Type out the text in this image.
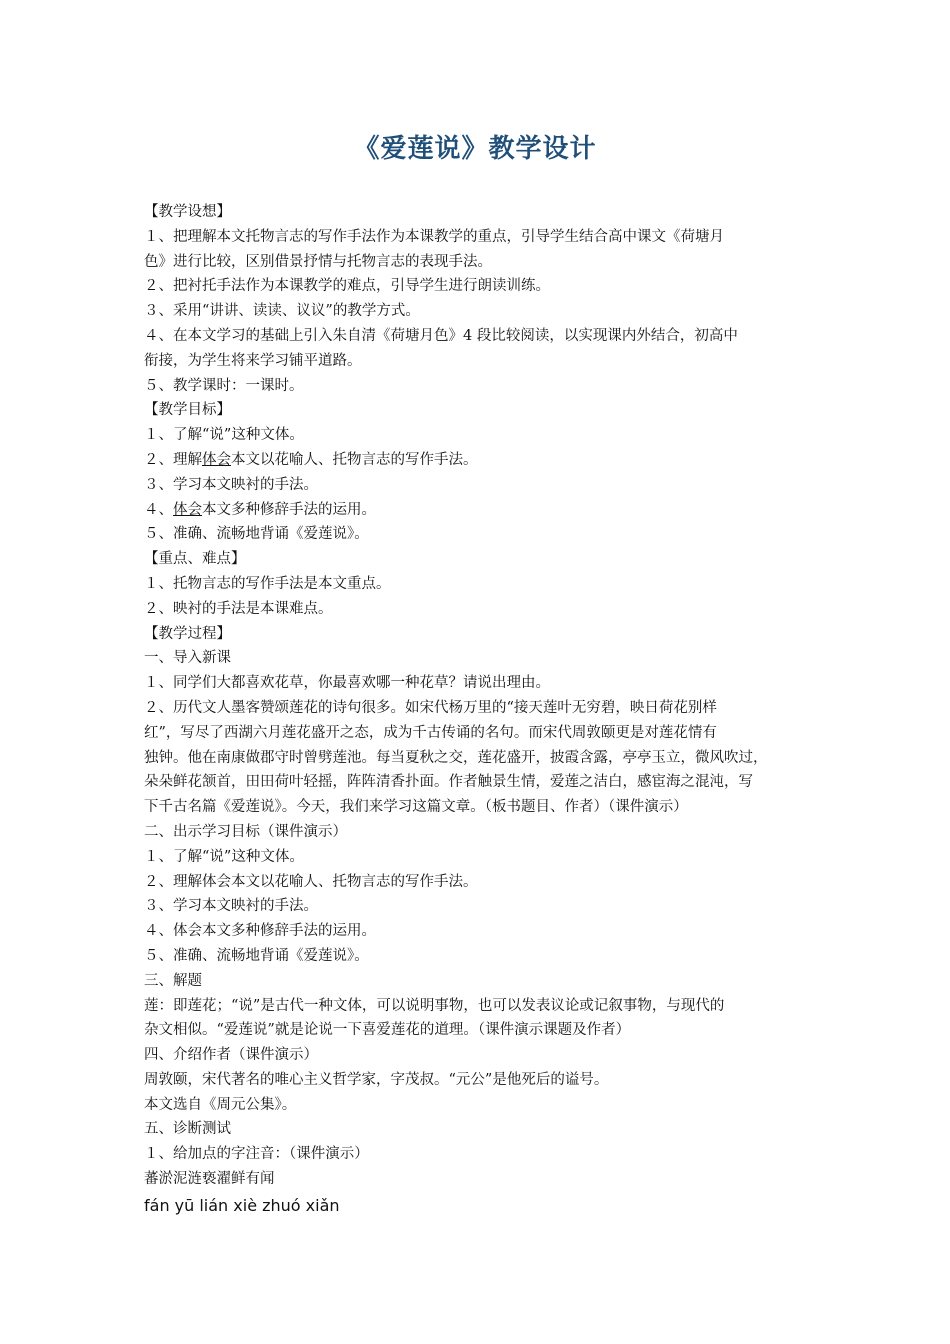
《爱莲说》教学设计

【教学设想】

１、把理解本文托物言志的写作手法作为本课教学的重点，引导学生结合高中课文《荷塘月

色》进行比较，区别借景抒情与托物言志的表现手法。

２、把衬托手法作为本课教学的难点，引导学生进行朗读训练。

３、采用“讲讲、读读、议议”的教学方式。

４、在本文学习的基础上引入朱自清《荷塘月色》4 段比较阅读，以实现课内外结合，初高中

衔接，为学生将来学习铺平道路。

５、教学课时：一课时。

【教学目标】

１、了解“说”这种文体。

２、理解体会本文以花喻人、托物言志的写作手法。

３、学习本文映衬的手法。

４、体会本文多种修辞手法的运用。

５、准确、流畅地背诵《爱莲说》。

【重点、难点】

１、托物言志的写作手法是本文重点。

２、映衬的手法是本课难点。

【教学过程】

一、导入新课

１、同学们大都喜欢花草，你最喜欢哪一种花草？请说出理由。

２、历代文人墨客赞颂莲花的诗句很多。如宋代杨万里的“接天莲叶无穷碧，映日荷花别样

红”，写尽了西湖六月莲花盛开之态，成为千古传诵的名句。而宋代周敦颐更是对莲花情有

独钟。他在南康做郡守时曾劈莲池。每当夏秋之交，莲花盛开，披霞含露，亭亭玉立，微风吹过，

朵朵鲜花颔首，田田荷叶轻摇，阵阵清香扑面。作者触景生情，爱莲之洁白，感宦海之混沌，写

下千古名篇《爱莲说》。今天，我们来学习这篇文章。（板书题目、作者）（课件演示）

二、出示学习目标（课件演示）

１、了解“说”这种文体。

２、理解体会本文以花喻人、托物言志的写作手法。

３、学习本文映衬的手法。

４、体会本文多种修辞手法的运用。

５、准确、流畅地背诵《爱莲说》。

三、解题

莲：即莲花；“说”是古代一种文体，可以说明事物，也可以发表议论或记叙事物，与现代的

杂文相似。“爱莲说”就是论说一下喜爱莲花的道理。（课件演示课题及作者）

四、介绍作者（课件演示）

周敦颐，宋代著名的唯心主义哲学家，字茂叔。“元公”是他死后的谥号。

本文选自《周元公集》。

五、诊断测试

１、给加点的字注音：（课件演示）

蕃淤泥涟亵濯鲜有闻

fán yū lián xiè zhuó xiǎn
